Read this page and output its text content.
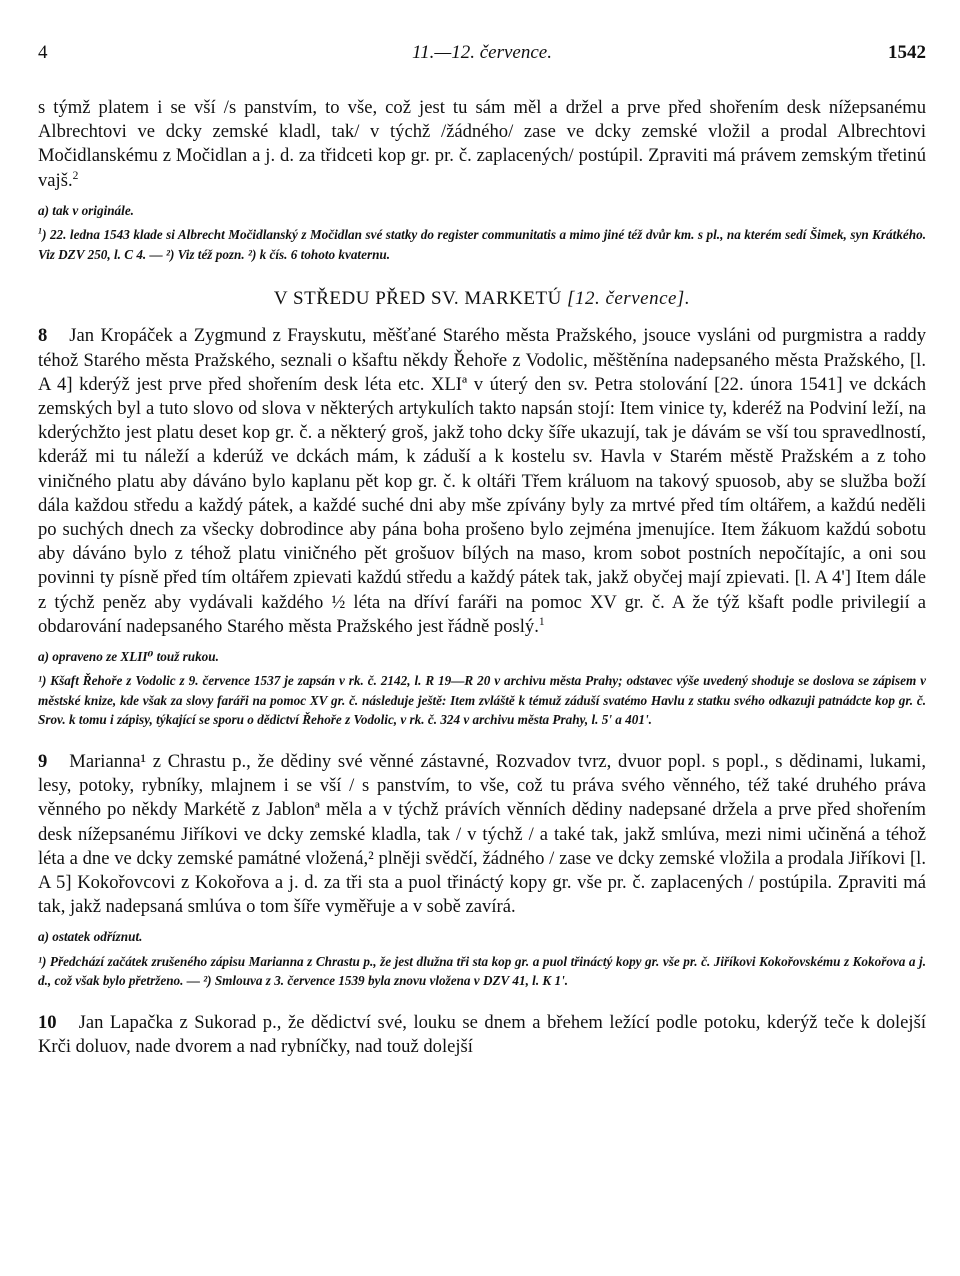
4	11.—12. července.	1542

s týmž platem i se vší /s panstvím, to vše, což jest tu sám měl a držel a prve před shořením desk nížepsanému Albrechtovi ve dcky zemské kladl, tak/ v týchž /žádného/ zase ve dcky zemské vložil a prodal Albrechtovi Močidlanskému z Močidlan a j. d. za třidceti kop gr. pr. č. zaplacených/ postúpil. Zpraviti má právem zemským třetinú vajš.$^2$

a) tak v originále.

$^1$) 22. ledna 1543 klade si Albrecht Močidlanský z Močidlan své statky do register communitatis a mimo jiné též dvůr km. s pl., na kterém sedí Šimek, syn Krátkého. Viz DZV 250, l. C 4. — ²) Viz též pozn. ²) k čís. 6 tohoto kvaternu.

V STŘEDU PŘED SV. MARKETÚ [12. července].

8 Jan Kropáček a Zygmund z Frayskutu, měšťané Starého města Pražského, jsouce vysláni od purgmistra a raddy téhož Starého města Pražského, seznali o kšaftu někdy Řehoře z Vodolic, měštěnína nadepsaného města Pražského, [l. A 4] kderýž jest prve před shořením desk léta etc. XLIª v úterý den sv. Petra stolování [22. února 1541] ve dckách zemských byl a tuto slovo od slova v některých artykulích takto napsán stojí: Item vinice ty, kderéž na Podviní leží, na kderýchžto jest platu deset kop gr. č. a některý groš, jakž toho dcky šíře ukazují, tak je dávám se vší tou spravedlností, kderáž mi tu náleží a kderúž ve dckách mám, k záduší a k kostelu sv. Havla v Starém městě Pražském a z toho viničného platu aby dáváno bylo kaplanu pět kop gr. č. k oltáři Třem králuom na takový spuosob, aby se služba boží dála každou středu a každý pátek, a každé suché dni aby mše zpívány byly za mrtvé před tím oltářem, a každú neděli po suchých dnech za všecky dobrodince aby pána boha prošeno bylo zejména jmenujíce. Item žákuom každú sobotu aby dáváno bylo z téhož platu viničného pět grošuov bílých na maso, krom sobot postních nepočítajíc, a oni sou povinni ty písně před tím oltářem zpievati každú středu a každý pátek tak, jakž obyčej mají zpievati. [l. A 4'] Item dále z týchž peněz aby vydávali každého ½ léta na dříví faráři na pomoc XV gr. č. A že týž kšaft podle privilegií a obdarování nadepsaného Starého města Pražského jest řádně poslý.$^1$

a) opraveno ze XLII⁰ touž rukou.

¹) Kšaft Řehoře z Vodolic z 9. července 1537 je zapsán v rk. č. 2142, l. R 19—R 20 v archivu města Prahy; odstavec výše uvedený shoduje se doslova se zápisem v městské knize, kde však za slovy faráři na pomoc XV gr. č. následuje ještě: Item zvláště k témuž záduší svatémo Havlu z statku svého odkazuji patnádcte kop gr. č. Srov. k tomu i zápisy, týkající se sporu o dědictví Řehoře z Vodolic, v rk. č. 324 v archivu města Prahy, l. 5' a 401'.

9 Marianna¹ z Chrastu p., že dědiny své věnné zástavné, Rozvadov tvrz, dvuor popl. s popl., s dědinami, lukami, lesy, potoky, rybníky, mlajnem i se vší / s panstvím, to vše, což tu práva svého věnného, též také druhého práva věnného po někdy Markétě z Jablonª měla a v týchž právích věnních dědiny nadepsané držela a prve před shořením desk nížepsanému Jiříkovi ve dcky zemské kladla, tak / v týchž / a také tak, jakž smlúva, mezi nimi učiněná a téhož léta a dne ve dcky zemské památné vložená,² plněji svědčí, žádného / zase ve dcky zemské vložila a prodala Jiříkovi [l. A 5] Kokořovcovi z Kokořova a j. d. za tři sta a puol třináctý kopy gr. vše pr. č. zaplacených / postúpila. Zpraviti má tak, jakž nadepsaná smlúva o tom šíře vyměřuje a v sobě zavírá.

a) ostatek odříznut.

¹) Předchází začátek zrušeného zápisu Marianna z Chrastu p., že jest dlužna tři sta kop gr. a puol třináctý kopy gr. vše pr. č. Jiříkovi Kokořovskému z Kokořova a j. d., což však bylo přetrženo. — ²) Smlouva z 3. července 1539 byla znovu vložena v DZV 41, l. K 1'.

10 Jan Lapačka z Sukorad p., že dědictví své, louku se dnem a břehem ležící podle potoku, kderýž teče k dolejší Krči doluov, nade dvorem a nad rybníčky, nad touž dolejší
